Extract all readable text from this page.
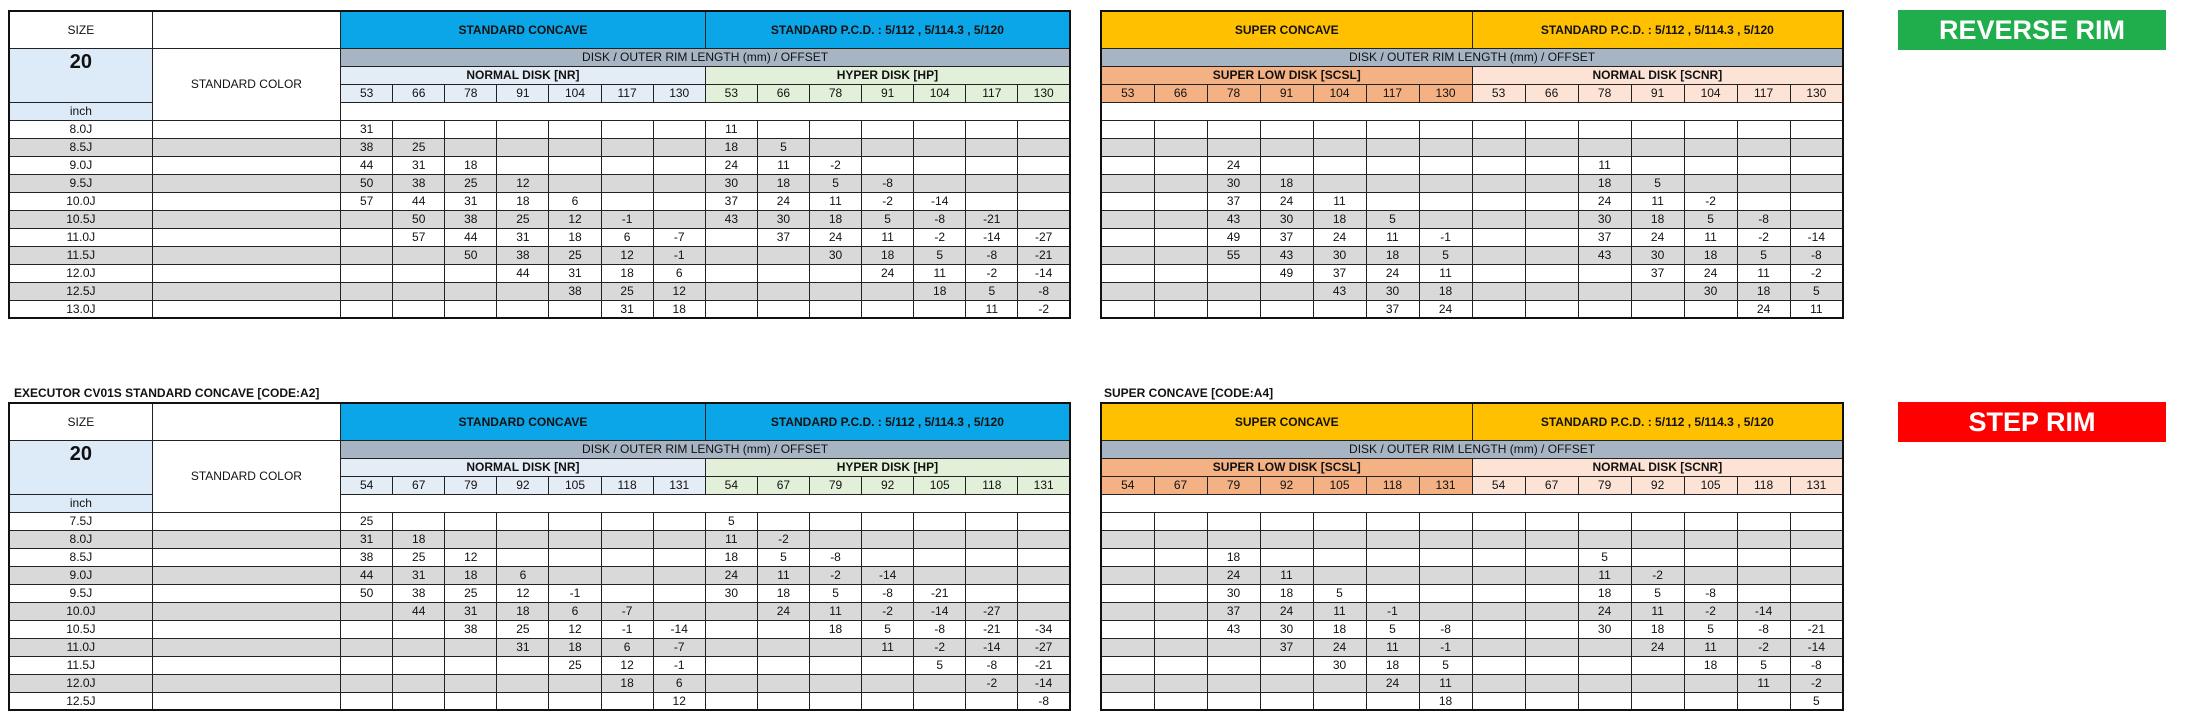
SIZE		STANDARD CONCAVE							STANDARD P.C.D. : 5/112 , 5/114.3 , 5/120						
20	STANDARD COLOR	DISK / OUTER RIM LENGTH (mm) / OFFSET													
		NORMAL DISK [NR]							HYPER DISK [HP]						
		53	66	78	91	104	117	130	53	66	78	91	104	117	130
inch															
8.0J		31							11						
8.5J		38	25						18	5					
9.0J		44	31	18					24	11	-2				
9.5J		50	38	25	12				30	18	5	-8			
10.0J		57	44	31	18	6			37	24	11	-2	-14		
10.5J			50	38	25	12	-1		43	30	18	5	-8	-21	
11.0J			57	44	31	18	6	-7		37	24	11	-2	-14	-27
11.5J				50	38	25	12	-1			30	18	5	-8	-21
12.0J					44	31	18	6				24	11	-2	-14
12.5J						38	25	12					18	5	-8
13.0J							31	18						11	-2
SUPER CONCAVE							STANDARD P.C.D. : 5/112 , 5/114.3 , 5/120						
DISK / OUTER RIM LENGTH (mm) / OFFSET													
SUPER LOW DISK [SCSL]							NORMAL DISK [SCNR]						
53	66	78	91	104	117	130	53	66	78	91	104	117	130

		24							11				
		30	18						18	5			
		37	24	11					24	11	-2		
		43	30	18	5				30	18	5	-8	
		49	37	24	11	-1			37	24	11	-2	-14
		55	43	30	18	5			43	30	18	5	-8
			49	37	24	11				37	24	11	-2
				43	30	18					30	18	5
					37	24						24	11
REVERSE RIM
EXECUTOR CV01S STANDARD CONCAVE [CODE:A2]	SUPER CONCAVE [CODE:A4]
SIZE		STANDARD CONCAVE							STANDARD P.C.D. : 5/112 , 5/114.3 , 5/120						
20	STANDARD COLOR	DISK / OUTER RIM LENGTH (mm) / OFFSET													
		NORMAL DISK [NR]							HYPER DISK [HP]						
		54	67	79	92	105	118	131	54	67	79	92	105	118	131
inch															
7.5J		25							5						
8.0J		31	18						11	-2					
8.5J		38	25	12					18	5	-8				
9.0J		44	31	18	6				24	11	-2	-14			
9.5J		50	38	25	12	-1			30	18	5	-8	-21		
10.0J			44	31	18	6	-7			24	11	-2	-14	-27	
10.5J				38	25	12	-1	-14			18	5	-8	-21	-34
11.0J					31	18	6	-7				11	-2	-14	-27
11.5J						25	12	-1					5	-8	-21
12.0J							18	6						-2	-14
12.5J								12							-8
SUPER CONCAVE							STANDARD P.C.D. : 5/112 , 5/114.3 , 5/120						
DISK / OUTER RIM LENGTH (mm) / OFFSET													
SUPER LOW DISK [SCSL]							NORMAL DISK [SCNR]						
54	67	79	92	105	118	131	54	67	79	92	105	118	131

		18							5				
		24	11						11	-2			
		30	18	5					18	5	-8		
		37	24	11	-1				24	11	-2	-14	
		43	30	18	5	-8			30	18	5	-8	-21
			37	24	11	-1				24	11	-2	-14
				30	18	5					18	5	-8
					24	11						11	-2
						18							5
STEP RIM
